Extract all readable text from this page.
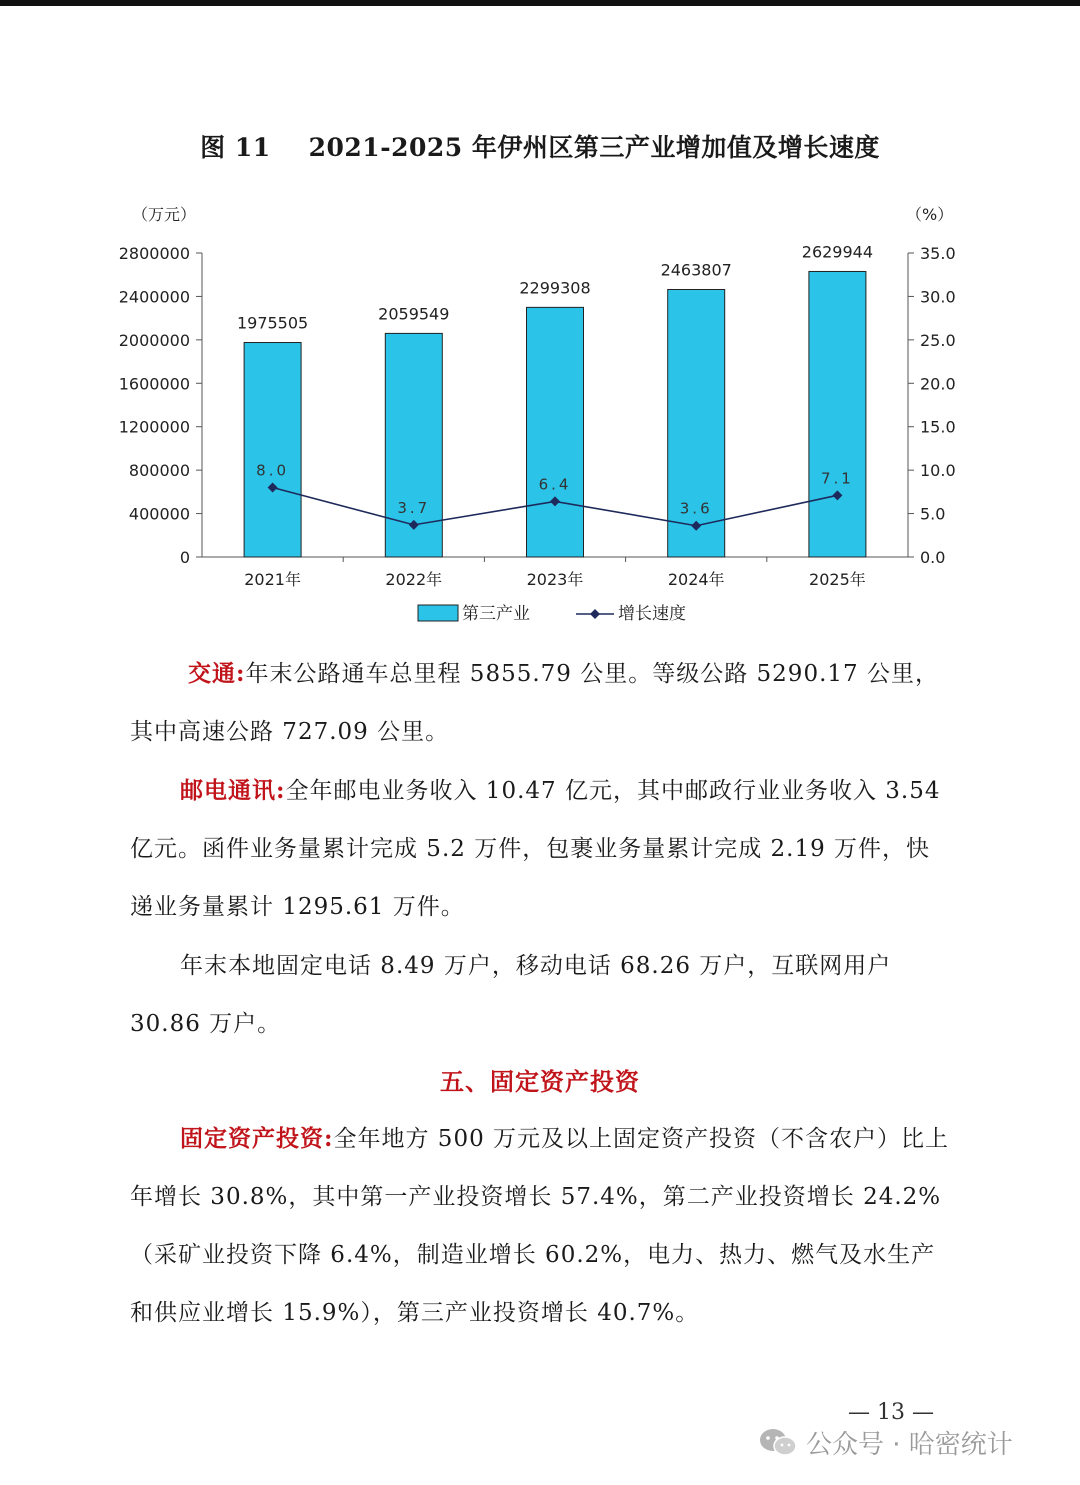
图 11 2021-2025 年伊州区第三产业增加值及增长速度
0
400000
800000
1200000
1600000
2000000
2400000
2800000
0.0
5.0
10.0
15.0
20.0
25.0
30.0
35.0
（万元）	（%）
1975505
2021年
2059549
2022年
2299308
2023年
2463807
2024年
2629944
2025年
8.0
3.7
6.4
3.6
7.1
第三产业	增长速度
交通:年末公路通车总里程 5855.79 公里。等级公路 5290.17 公里，其中高速公路 727.09 公里。
邮电通讯:全年邮电业务收入 10.47 亿元，其中邮政行业业务收入 3.54 亿元。函件业务量累计完成 5.2 万件，包裹业务量累计完成 2.19 万件，快递业务量累计 1295.61 万件。
年末本地固定电话 8.49 万户，移动电话 68.26 万户，互联网用户 30.86 万户。
五、固定资产投资
固定资产投资:全年地方 500 万元及以上固定资产投资（不含农户）比上年增长 30.8%，其中第一产业投资增长 57.4%，第二产业投资增长 24.2%（采矿业投资下降 6.4%，制造业增长 60.2%，电力、热力、燃气及水生产和供应业增长 15.9%），第三产业投资增长 40.7%。
— 13 —
公众号 · 哈密统计
